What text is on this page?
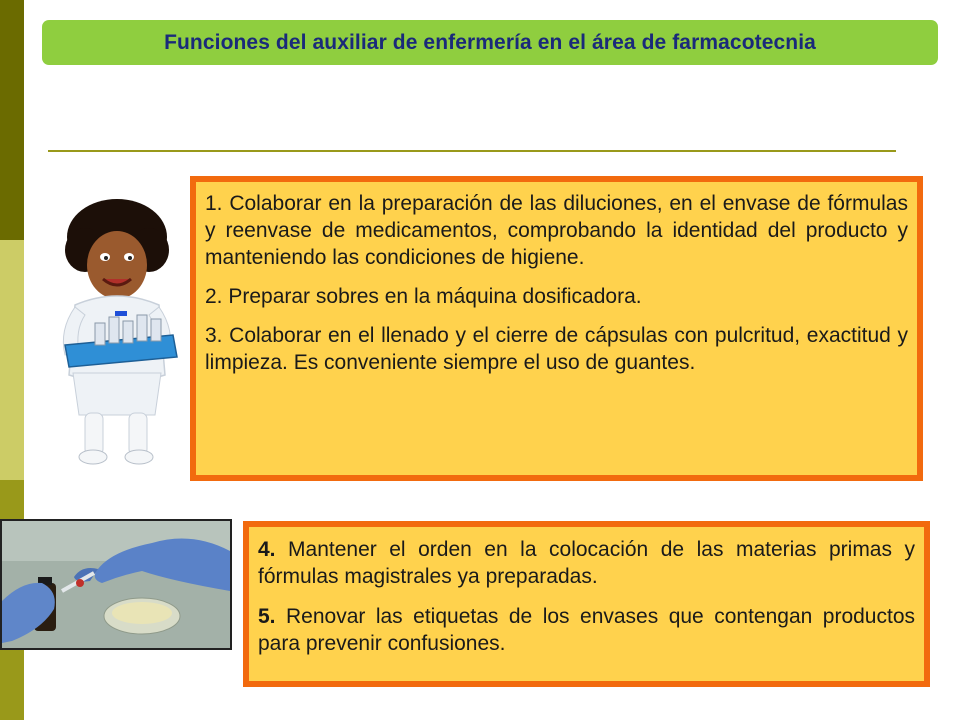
Funciones del auxiliar de enfermería en el área de farmacotecnia

1. Colaborar en la preparación de las diluciones, en el envase de fórmulas y reenvase de medicamentos, comprobando la identidad del producto y manteniendo las condiciones de higiene.

2. Preparar sobres en la máquina dosificadora.

3. Colaborar en el llenado y el cierre de cápsulas con pulcritud, exactitud y limpieza. Es conveniente siempre el uso de guantes.

4. Mantener el orden en la colocación de las materias primas y fórmulas magistrales ya preparadas.

5. Renovar las etiquetas de los envases que contengan productos para prevenir confusiones.
